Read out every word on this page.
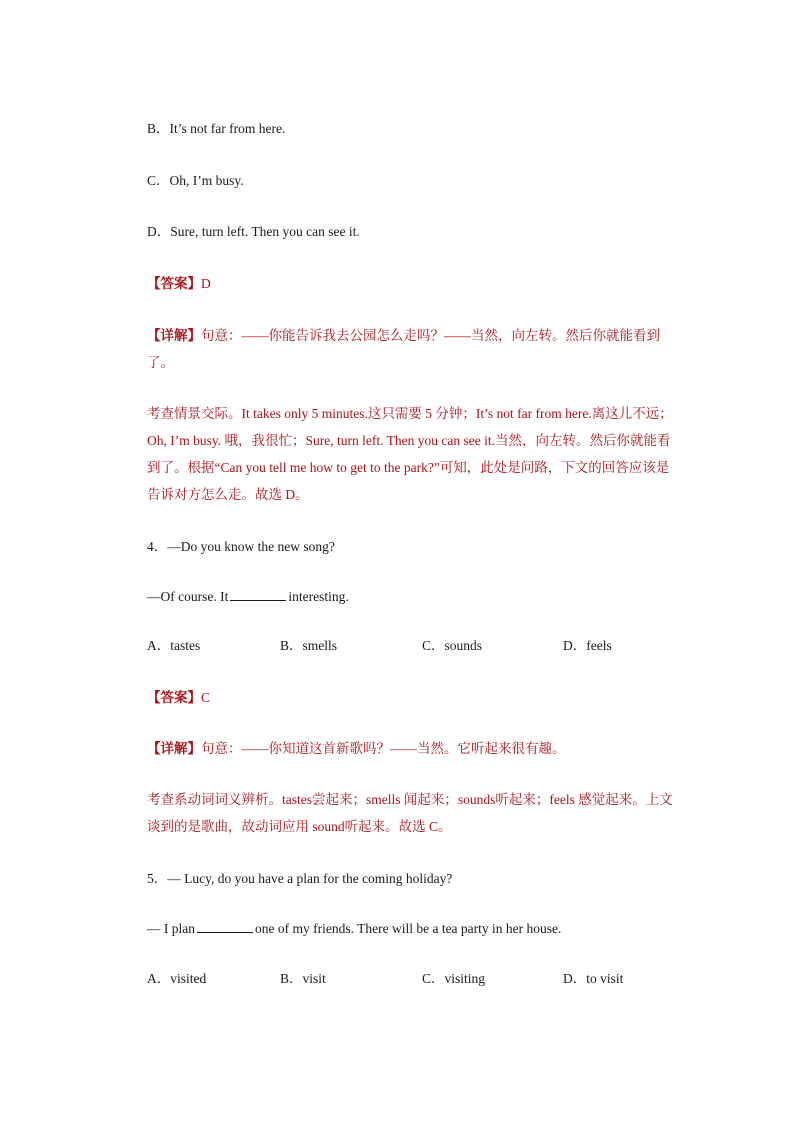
B．It’s not far from here.
C．Oh, I’m busy.
D．Sure, turn left. Then you can see it.
【答案】D
【详解】句意：——你能告诉我去公园怎么走吗？——当然，向左转。然后你就能看到了。
考查情景交际。It takes only 5 minutes.这只需要 5 分钟；It’s not far from here.离这儿不远；Oh, I’m busy. 哦，我很忙；Sure, turn left. Then you can see it.当然，向左转。然后你就能看到了。根据“Can you tell me how to get to the park?”可知，此处是问路，下文的回答应该是告诉对方怎么走。故选 D。
4．—Do you know the new song?
—Of course. It	interesting.
A．tastes	B．smells	C．sounds	D．feels
【答案】C
【详解】句意：——你知道这首新歌吗？——当然。它听起来很有趣。
考查系动词词义辨析。tastes尝起来；smells 闻起来；sounds听起来；feels 感觉起来。上文谈到的是歌曲，故动词应用 sound听起来。故选 C。
5．— Lucy, do you have a plan for the coming holiday?
— I plan	one of my friends. There will be a tea party in her house.
A．visited	B．visit	C．visiting	D．to visit
